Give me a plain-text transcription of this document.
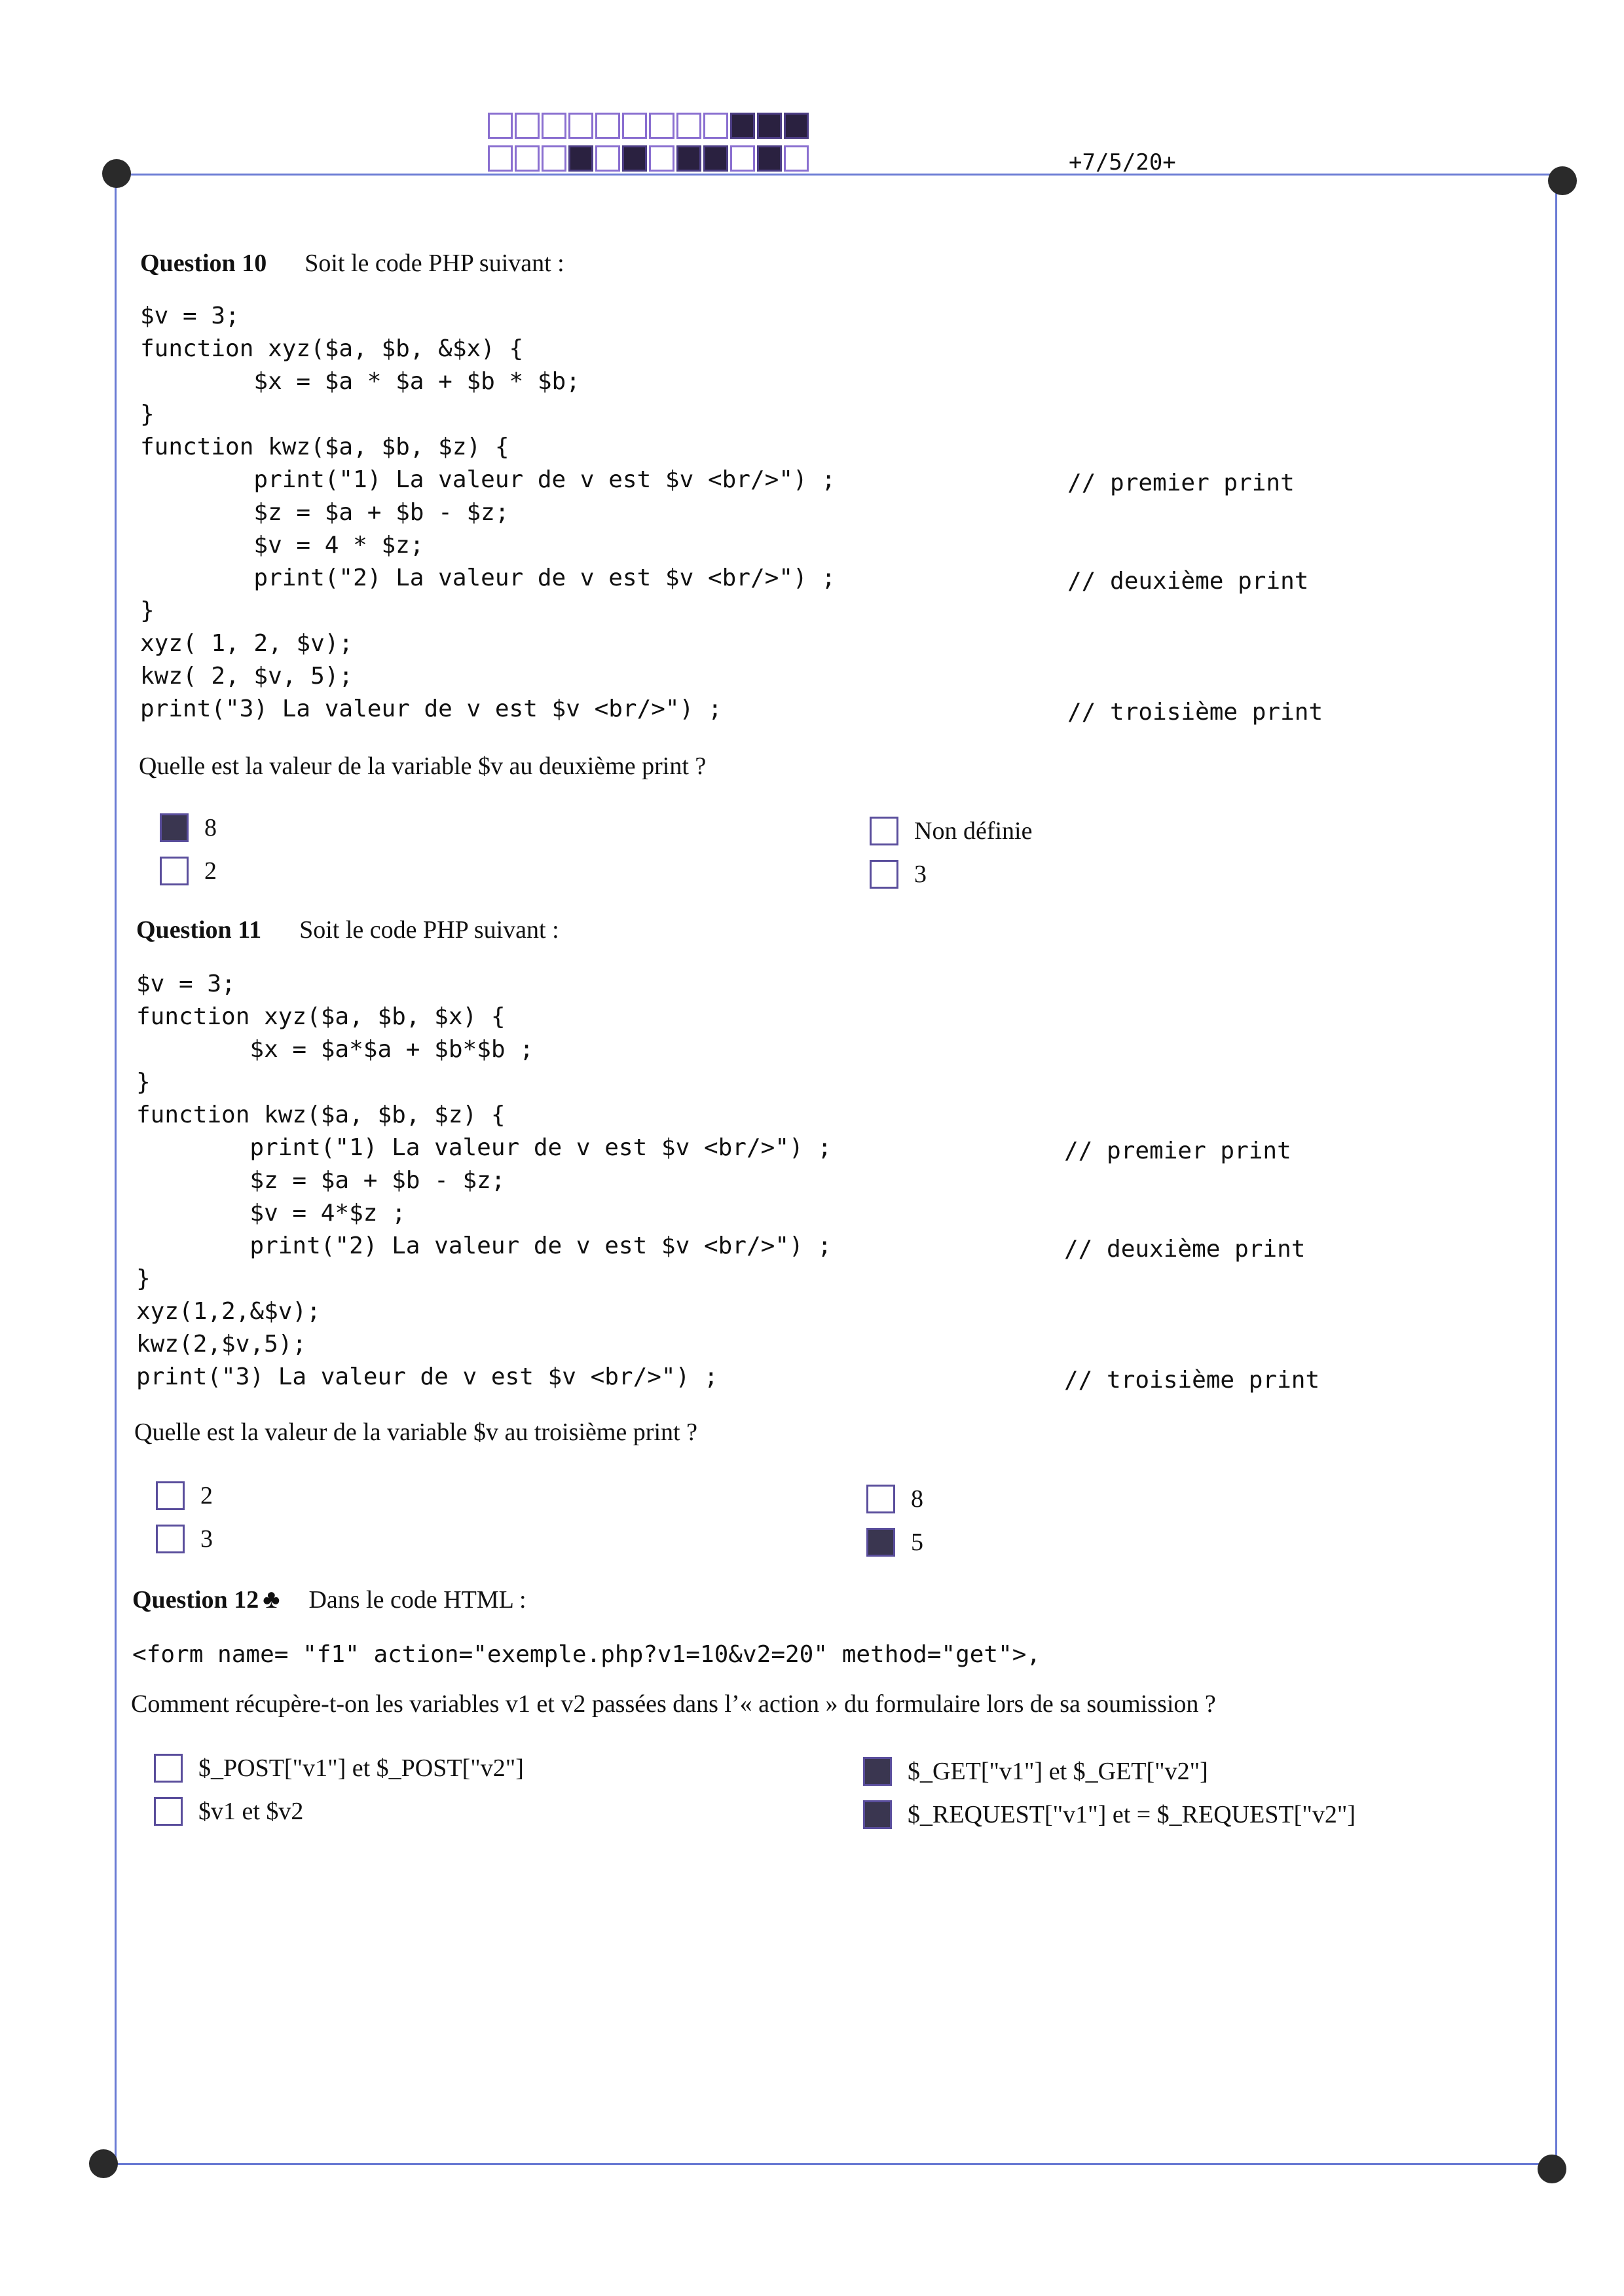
+7/5/20+
Question 10 Soit le code PHP suivant :
$v = 3;
function xyz($a, $b, &$x) {
$x = $a * $a + $b * $b;
}
function kwz($a, $b, $z) {
print("1) La valeur de v est $v <br/>") ;
$z = $a + $b - $z;
$v = 4 * $z;
print("2) La valeur de v est $v <br/>") ;
}
xyz( 1, 2, $v);
kwz( 2, $v, 5);
print("3) La valeur de v est $v <br/>") ;
// premier print
// deuxième print
// troisième print
Quelle est la valeur de la variable $v au deuxième print ?
8
2
Non définie
3
Question 11 Soit le code PHP suivant :
$v = 3;
function xyz($a, $b, $x) {
$x = $a*$a + $b*$b ;
}
function kwz($a, $b, $z) {
print("1) La valeur de v est $v <br/>") ;
$z = $a + $b - $z;
$v = 4*$z ;
print("2) La valeur de v est $v <br/>") ;
}
xyz(1,2,&$v);
kwz(2,$v,5);
print("3) La valeur de v est $v <br/>") ;
// premier print
// deuxième print
// troisième print
Quelle est la valeur de la variable $v au troisième print ?
2
3
8
5
Question 12 ♣ Dans le code HTML :
<form name= "f1" action="exemple.php?v1=10&v2=20" method="get">,
Comment récupère-t-on les variables v1 et v2 passées dans l’« action » du formulaire lors de sa soumission ?
$_POST["v1"] et $_POST["v2"]
$v1 et $v2
$_GET["v1"] et $_GET["v2"]
$_REQUEST["v1"] et = $_REQUEST["v2"]
